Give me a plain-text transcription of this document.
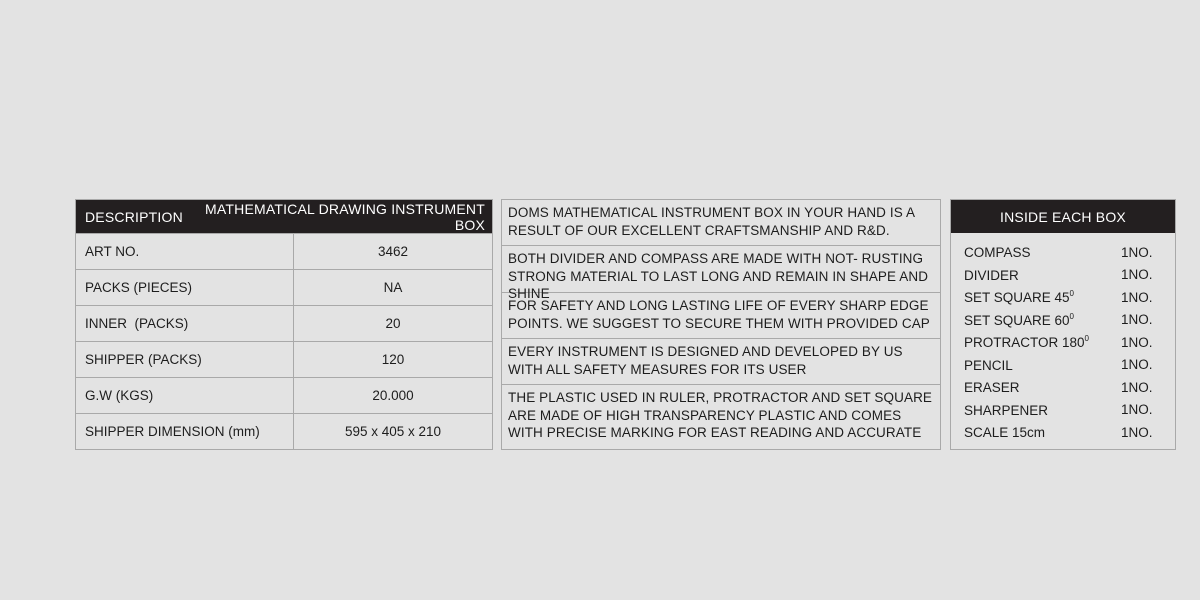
DESCRIPTION	MATHEMATICAL DRAWING INSTRUMENT BOX
ART NO.	3462
PACKS (PIECES)	NA
INNER  (PACKS)	20
SHIPPER (PACKS)	120
G.W (KGS)	20.000
SHIPPER DIMENSION (mm)	595 x 405 x 210
DOMS MATHEMATICAL INSTRUMENT BOX IN YOUR HAND IS A RESULT OF OUR EXCELLENT CRAFTSMANSHIP AND R&D.
BOTH DIVIDER AND COMPASS ARE MADE WITH NOT- RUSTING STRONG MATERIAL TO LAST LONG AND REMAIN IN SHAPE AND SHINE
FOR SAFETY AND LONG LASTING LIFE OF EVERY SHARP EDGE POINTS. WE SUGGEST TO SECURE THEM WITH PROVIDED CAP
EVERY INSTRUMENT IS DESIGNED AND DEVELOPED BY US WITH ALL SAFETY MEASURES FOR ITS USER
THE PLASTIC USED IN RULER, PROTRACTOR AND SET SQUARE ARE MADE OF HIGH TRANSPARENCY PLASTIC AND COMES WITH PRECISE MARKING FOR EAST READING AND ACCURATE
INSIDE EACH BOX
COMPASS	1NO.
DIVIDER	1NO.
SET SQUARE $45^0$	1NO.
SET SQUARE $60^0$	1NO.
PROTRACTOR $180^0$	1NO.
PENCIL	1NO.
ERASER	1NO.
SHARPENER	1NO.
SCALE 15cm	1NO.
